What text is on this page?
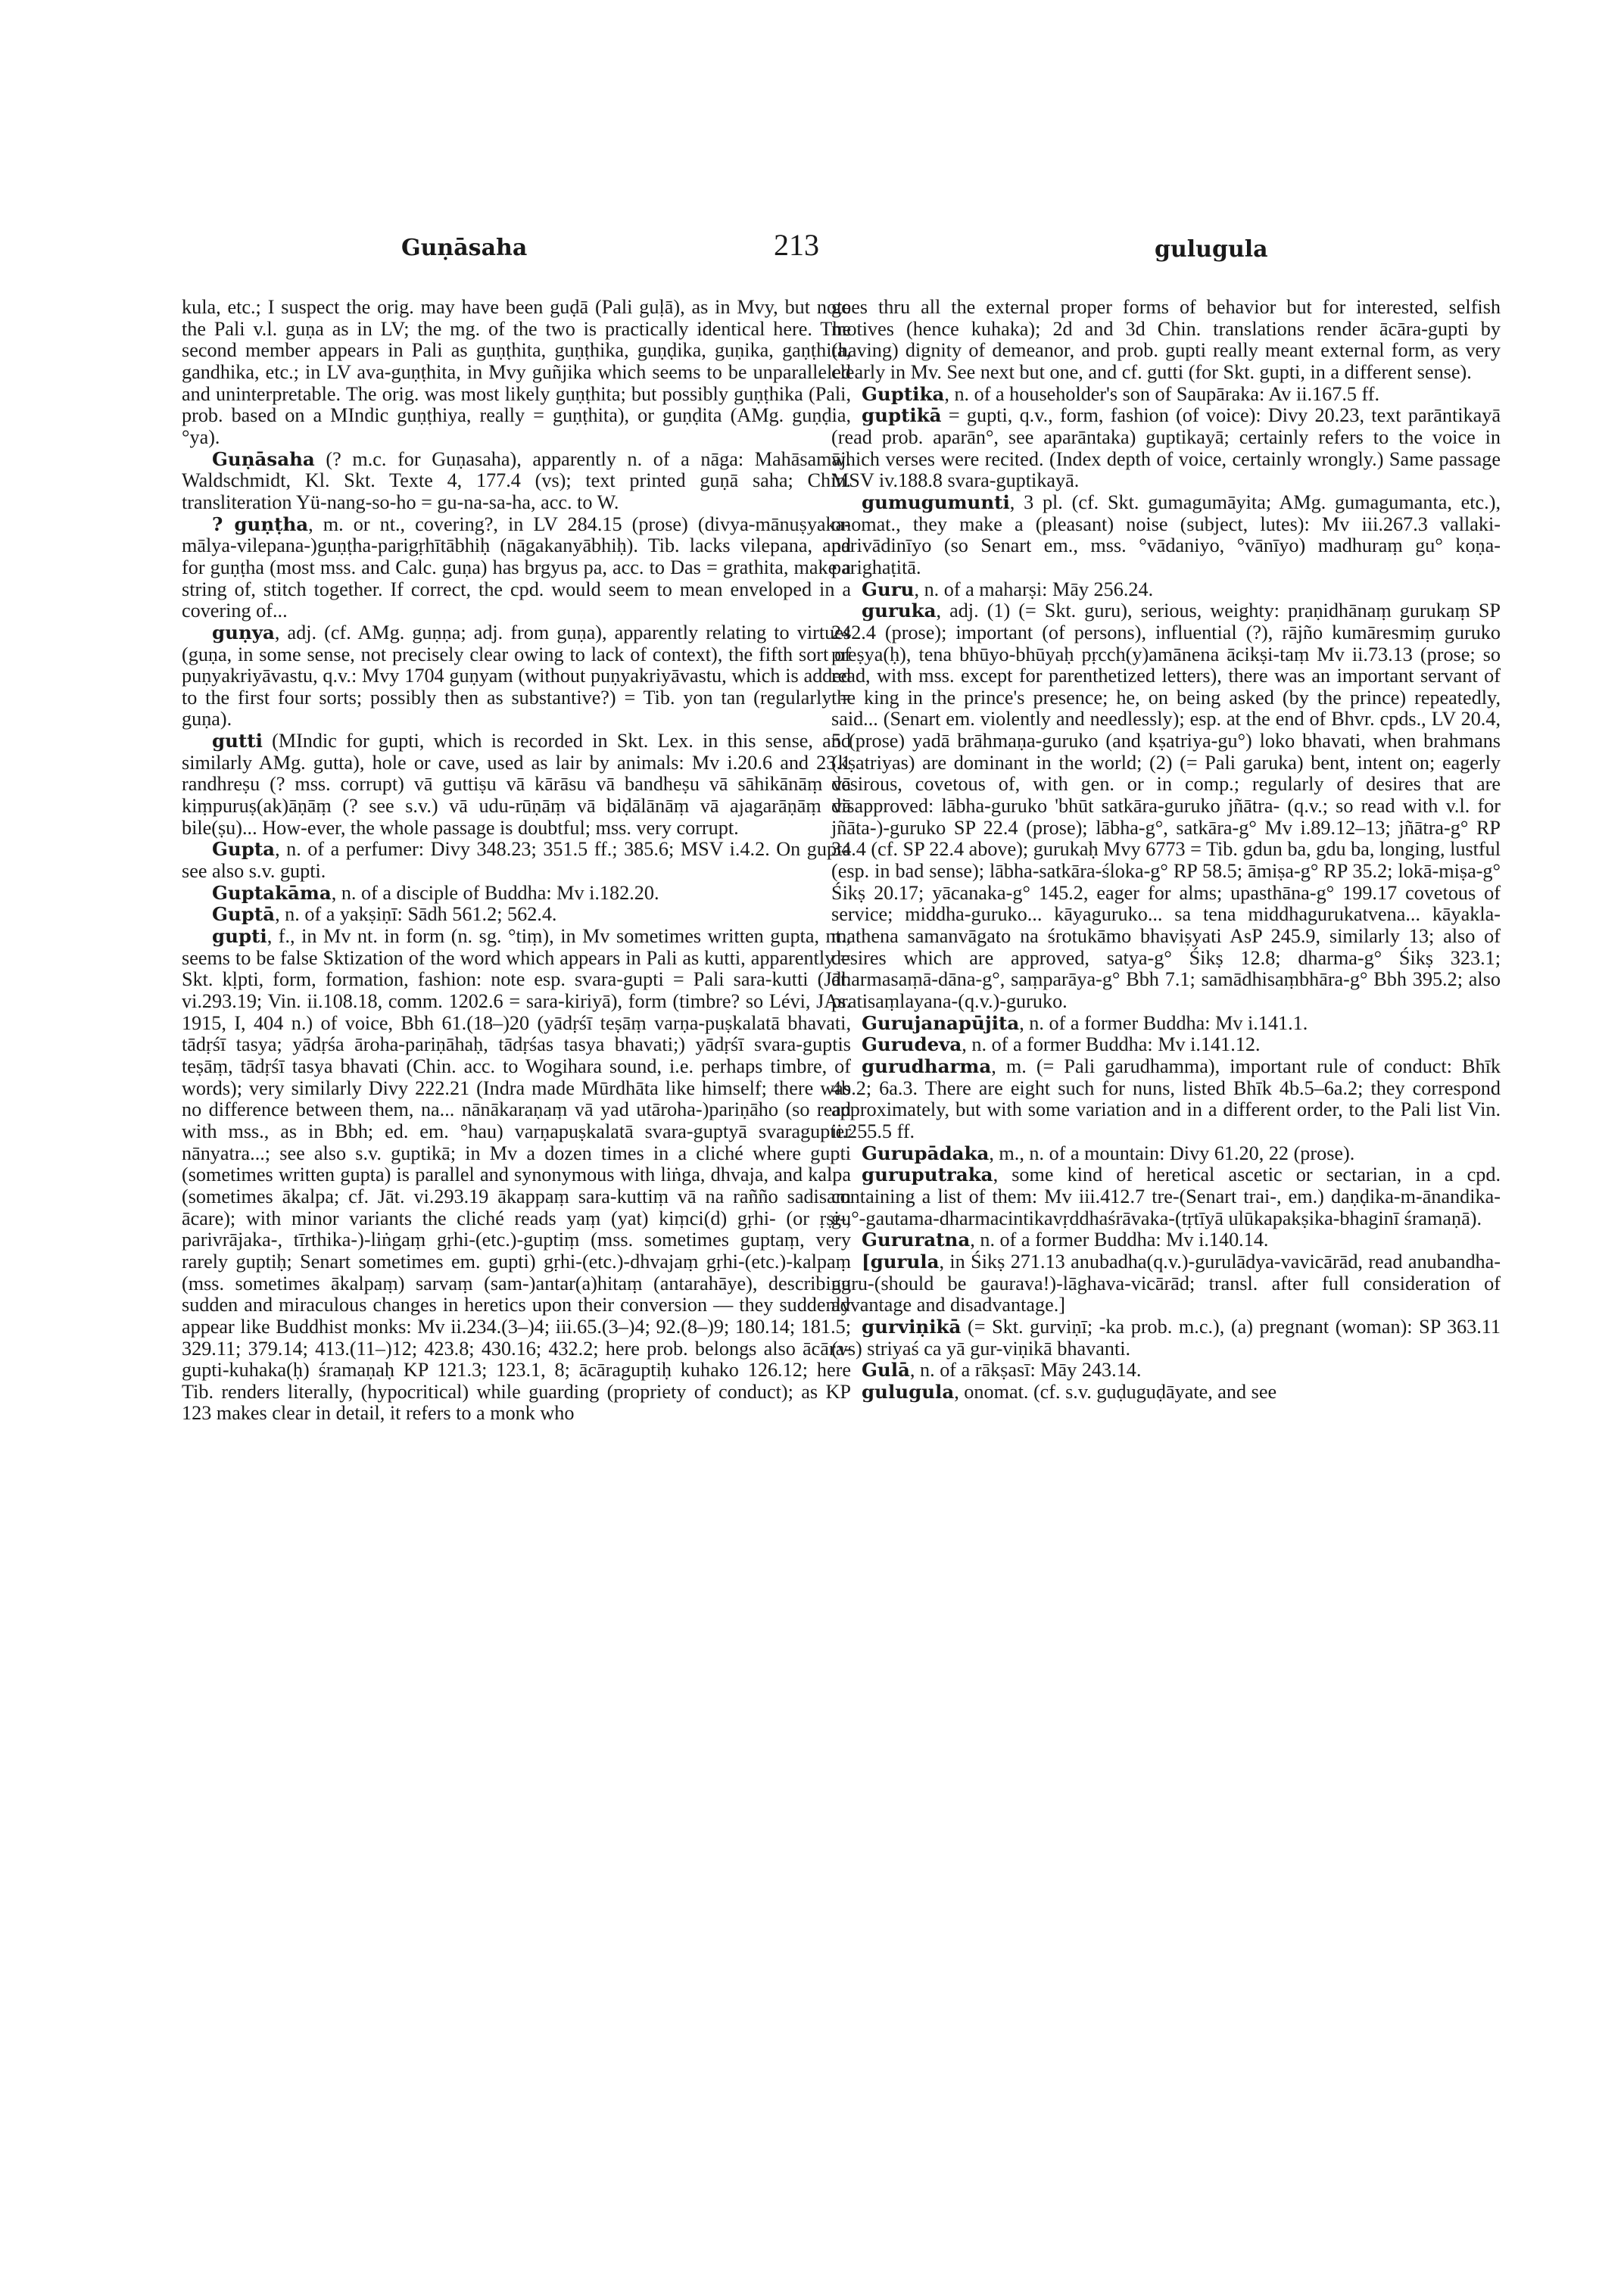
Guṇāsaha	213	gulugula

kula, etc.; I suspect the orig. may have been guḍā (Pali guḷā), as in Mvy, but note the Pali v.l. guṇa as in LV; the mg. of the two is practically identical here. The second member appears in Pali as guṇṭhita, guṇṭhika, guṇḍika, guṇika, gaṇṭhita, gandhika, etc.; in LV ava-guṇṭhita, in Mvy guñjika which seems to be unparalleled and uninterpretable. The orig. was most likely guṇṭhita; but possibly guṇṭhika (Pali, prob. based on a MIndic guṇṭhiya, really = guṇṭhita), or guṇḍita (AMg. guṇḍia, °ya).

Guṇāsaha (? m.c. for Guṇasaha), apparently n. of a nāga: Mahāsamāj. Waldschmidt, Kl. Skt. Texte 4, 177.4 (vs); text printed guṇā saha; Chin. transliteration Yü-nang-so-ho = gu-na-sa-ha, acc. to W.

? guṇṭha, m. or nt., covering?, in LV 284.15 (prose) (divya-mānuṣyaka-mālya-vilepana-)guṇṭha-parigṛhītābhiḥ (nāgakanyābhiḥ). Tib. lacks vilepana, and for guṇṭha (most mss. and Calc. guṇa) has brgyus pa, acc. to Das = grathita, make a string of, stitch together. If correct, the cpd. would seem to mean enveloped in a covering of...

guṇya, adj. (cf. AMg. guṇṇa; adj. from guṇa), apparently relating to virtues (guṇa, in some sense, not precisely clear owing to lack of context), the fifth sort of puṇyakriyāvastu, q.v.: Mvy 1704 guṇyam (without puṇyakriyāvastu, which is added to the first four sorts; possibly then as substantive?) = Tib. yon tan (regularly = guṇa).

gutti (MIndic for gupti, which is recorded in Skt. Lex. in this sense, and similarly AMg. gutta), hole or cave, used as lair by animals: Mv i.20.6 and 23.1 randhreṣu (? mss. corrupt) vā guttiṣu vā kārāsu vā bandheṣu vā sāhikānāṃ vā kiṃpuruṣ(ak)āṇāṃ (? see s.v.) vā udu-rūṇāṃ vā biḍālānāṃ vā ajagarāṇāṃ vā bile(ṣu)... How-ever, the whole passage is doubtful; mss. very corrupt.

Gupta, n. of a perfumer: Divy 348.23; 351.5 ff.; 385.6; MSV i.4.2. On gupta see also s.v. gupti.

Guptakāma, n. of a disciple of Buddha: Mv i.182.20.

Guptā, n. of a yakṣiṇī: Sādh 561.2; 562.4.

gupti, f., in Mv nt. in form (n. sg. °tiṃ), in Mv sometimes written gupta, nt., seems to be false Sktization of the word which appears in Pali as kutti, apparently = Skt. kḷpti, form, formation, fashion: note esp. svara-gupti = Pali sara-kutti (Jāt. vi.293.19; Vin. ii.108.18, comm. 1202.6 = sara-kiriyā), form (timbre? so Lévi, JAs. 1915, I, 404 n.) of voice, Bbh 61.(18–)20 (yādṛśī teṣāṃ varṇa-puṣkalatā bhavati, tādṛśī tasya; yādṛśa āroha-pariṇāhaḥ, tādṛśas tasya bhavati;) yādṛśī svara-guptis teṣāṃ, tādṛśī tasya bhavati (Chin. acc. to Wogihara sound, i.e. perhaps timbre, of words); very similarly Divy 222.21 (Indra made Mūrdhāta like himself; there was no difference between them, na... nānākaraṇaṃ vā yad utāroha-)pariṇāho (so read with mss., as in Bbh; ed. em. °hau) varṇapuṣkalatā svara-guptyā svaragupter nānyatra...; see also s.v. guptikā; in Mv a dozen times in a cliché where gupti (sometimes written gupta) is parallel and synonymous with liṅga, dhvaja, and kalpa (sometimes ākalpa; cf. Jāt. vi.293.19 ākappaṃ sara-kuttiṃ vā na rañño sadisam ācare); with minor variants the cliché reads yaṃ (yat) kiṃci(d) gṛhi- (or ṛṣi-, parivrājaka-, tīrthika-)-liṅgaṃ gṛhi-(etc.)-guptiṃ (mss. sometimes guptaṃ, very rarely guptiḥ; Senart sometimes em. gupti) gṛhi-(etc.)-dhvajaṃ gṛhi-(etc.)-kalpaṃ (mss. sometimes ākalpaṃ) sarvaṃ (sam-)antar(a)hitaṃ (antarahāye), describing sudden and miraculous changes in heretics upon their conversion — they suddenly appear like Buddhist monks: Mv ii.234.(3–)4; iii.65.(3–)4; 92.(8–)9; 180.14; 181.5; 329.11; 379.14; 413.(11–)12; 423.8; 430.16; 432.2; here prob. belongs also ācāra-gupti-kuhaka(ḥ) śramaṇaḥ KP 121.3; 123.1, 8; ācāraguptiḥ kuhako 126.12; here Tib. renders literally, (hypocritical) while guarding (propriety of conduct); as KP 123 makes clear in detail, it refers to a monk who

goes thru all the external proper forms of behavior but for interested, selfish motives (hence kuhaka); 2d and 3d Chin. translations render ācāra-gupti by (having) dignity of demeanor, and prob. gupti really meant external form, as very clearly in Mv. See next but one, and cf. gutti (for Skt. gupti, in a different sense).

Guptika, n. of a householder's son of Saupāraka: Av ii.167.5 ff.

guptikā = gupti, q.v., form, fashion (of voice): Divy 20.23, text parāntikayā (read prob. aparān°, see aparāntaka) guptikayā; certainly refers to the voice in which verses were recited. (Index depth of voice, certainly wrongly.) Same passage MSV iv.188.8 svara-guptikayā.

gumugumunti, 3 pl. (cf. Skt. gumagumāyita; AMg. gumagumanta, etc.), onomat., they make a (pleasant) noise (subject, lutes): Mv iii.267.3 vallaki-parivādinīyo (so Senart em., mss. °vādaniyo, °vānīyo) madhuraṃ gu° koṇa-parighaṭitā.

Guru, n. of a maharṣi: Māy 256.24.

guruka, adj. (1) (= Skt. guru), serious, weighty: praṇidhānaṃ gurukaṃ SP 242.4 (prose); important (of persons), influential (?), rājño kumāresmiṃ guruko preṣya(ḥ), tena bhūyo-bhūyaḥ pṛcch(y)amānena ācikṣi-taṃ Mv ii.73.13 (prose; so read, with mss. except for parenthetized letters), there was an important servant of the king in the prince's presence; he, on being asked (by the prince) repeatedly, said... (Senart em. violently and needlessly); esp. at the end of Bhvr. cpds., LV 20.4, 5 (prose) yadā brāhmaṇa-guruko (and kṣatriya-gu°) loko bhavati, when brahmans (kṣatriyas) are dominant in the world; (2) (= Pali garuka) bent, intent on; eagerly desirous, covetous of, with gen. or in comp.; regularly of desires that are disapproved: lābha-guruko 'bhūt satkāra-guruko jñātra- (q.v.; so read with v.l. for jñāta-)-guruko SP 22.4 (prose); lābha-g°, satkāra-g° Mv i.89.12–13; jñātra-g° RP 34.4 (cf. SP 22.4 above); gurukaḥ Mvy 6773 = Tib. gdun ba, gdu ba, longing, lustful (esp. in bad sense); lābha-satkāra-śloka-g° RP 58.5; āmiṣa-g° RP 35.2; lokā-miṣa-g° Śikṣ 20.17; yācanaka-g° 145.2, eager for alms; upasthāna-g° 199.17 covetous of service; middha-guruko... kāyaguruko... sa tena middhagurukatvena... kāyakla-mathena samanvāgato na śrotukāmo bhaviṣyati AsP 245.9, similarly 13; also of desires which are approved, satya-g° Śikṣ 12.8; dharma-g° Śikṣ 323.1; dharmasaṃā-dāna-g°, saṃparāya-g° Bbh 7.1; samādhisaṃbhāra-g° Bbh 395.2; also pratisaṃlayana-(q.v.)-guruko.

Gurujanapūjita, n. of a former Buddha: Mv i.141.1.

Gurudeva, n. of a former Buddha: Mv i.141.12.

gurudharma, m. (= Pali garudhamma), important rule of conduct: Bhīk 4b.2; 6a.3. There are eight such for nuns, listed Bhīk 4b.5–6a.2; they correspond approximately, but with some variation and in a different order, to the Pali list Vin. ii.255.5 ff.

Gurupādaka, m., n. of a mountain: Divy 61.20, 22 (prose).

guruputraka, some kind of heretical ascetic or sectarian, in a cpd. containing a list of them: Mv iii.412.7 tre-(Senart trai-, em.) daṇḍika-m-ānandika-gu°-gautama-dharmacintikavṛddhaśrāvaka-(tṛtīyā ulūkapakṣika-bhaginī śramaṇā).

Gururatna, n. of a former Buddha: Mv i.140.14.

[gurula, in Śikṣ 271.13 anubadha(q.v.)-gurulādya-vavicārād, read anubandha-guru-(should be gaurava!)-lāghava-vicārād; transl. after full consideration of advantage and disadvantage.]

gurviṇikā (= Skt. gurviṇī; -ka prob. m.c.), (a) pregnant (woman): SP 363.11 (vs) striyaś ca yā gur-viṇikā bhavanti.

Gulā, n. of a rākṣasī: Māy 243.14.

gulugula, onomat. (cf. s.v. guḍuguḍāyate, and see
